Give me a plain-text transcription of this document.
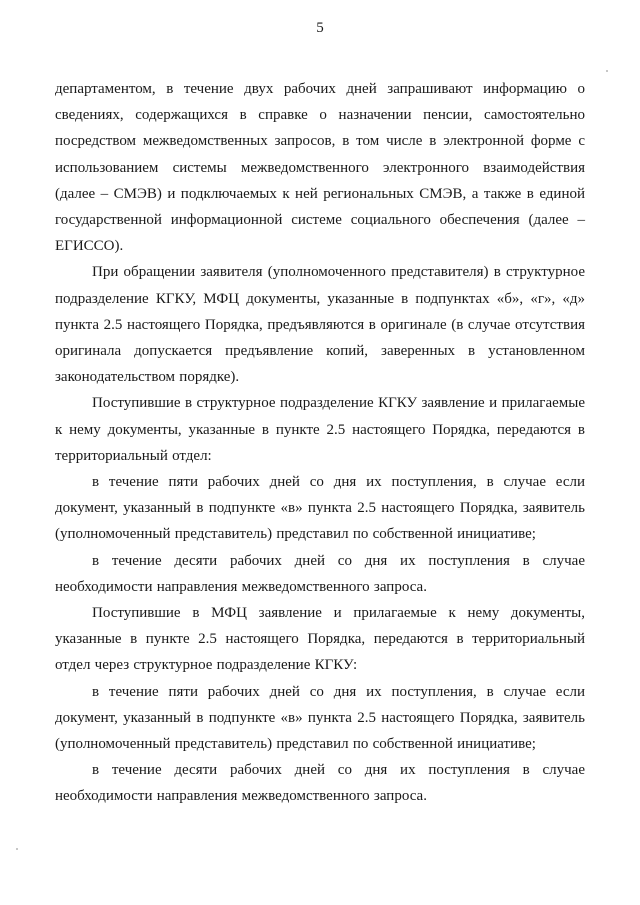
5

департаментом, в течение двух рабочих дней запрашивают информацию о сведениях, содержащихся в справке о назначении пенсии, самостоятельно посредством межведомственных запросов, в том числе в электронной форме с использованием системы межведомственного электронного взаимодействия (далее – СМЭВ) и подключаемых к ней региональных СМЭВ, а также в единой государственной информационной системе социального обеспечения (далее – ЕГИССО).

При обращении заявителя (уполномоченного представителя) в структурное подразделение КГКУ, МФЦ документы, указанные в подпунктах «б», «г», «д» пункта 2.5 настоящего Порядка, предъявляются в оригинале (в случае отсутствия оригинала допускается предъявление копий, заверенных в установленном законодательством порядке).

Поступившие в структурное подразделение КГКУ заявление и прилагаемые к нему документы, указанные в пункте 2.5 настоящего Порядка, передаются в территориальный отдел:

в течение пяти рабочих дней со дня их поступления, в случае если документ, указанный в подпункте «в» пункта 2.5 настоящего Порядка, заявитель (уполномоченный представитель) представил по собственной инициативе;

в течение десяти рабочих дней со дня их поступления в случае необходимости направления межведомственного запроса.

Поступившие в МФЦ заявление и прилагаемые к нему документы, указанные в пункте 2.5 настоящего Порядка, передаются в территориальный отдел через структурное подразделение КГКУ:

в течение пяти рабочих дней со дня их поступления, в случае если документ, указанный в подпункте «в» пункта 2.5 настоящего Порядка, заявитель (уполномоченный представитель) представил по собственной инициативе;

в течение десяти рабочих дней со дня их поступления в случае необходимости направления межведомственного запроса.
